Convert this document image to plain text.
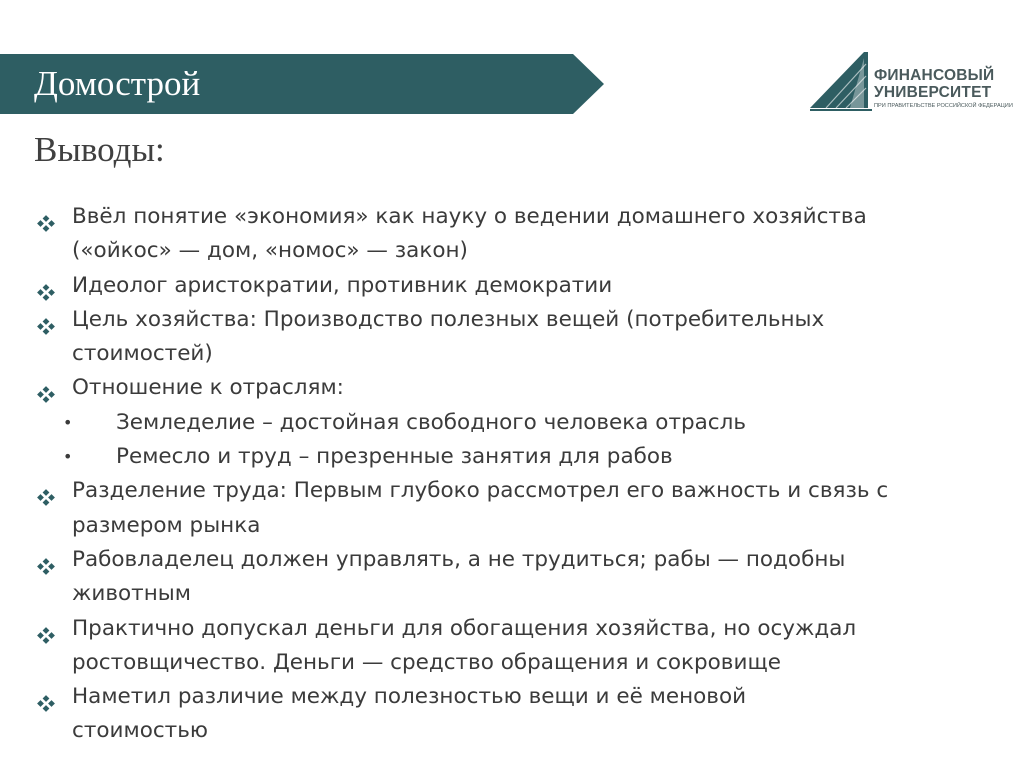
Домострой	ФИНАНСОВЫЙ
УНИВЕРСИТЕТ
ПРИ ПРАВИТЕЛЬСТВЕ РОССИЙСКОЙ ФЕДЕРАЦИИ
Выводы:
Ввёл понятие «экономия» как науку о ведении домашнего хозяйства
(«ойкос» — дом, «номос» — закон)
Идеолог аристократии, противник демократии
Цель хозяйства: Производство полезных вещей (потребительных
стоимостей)
Отношение к отраслям:
• Земледелие – достойная свободного человека отрасль
• Ремесло и труд – презренные занятия для рабов
Разделение труда: Первым глубоко рассмотрел его важность и связь с
размером рынка
Рабовладелец должен управлять, а не трудиться; рабы — подобны
животным
Практично допускал деньги для обогащения хозяйства, но осуждал
ростовщичество. Деньги — средство обращения и сокровище
Наметил различие между полезностью вещи и её меновой
стоимостью
